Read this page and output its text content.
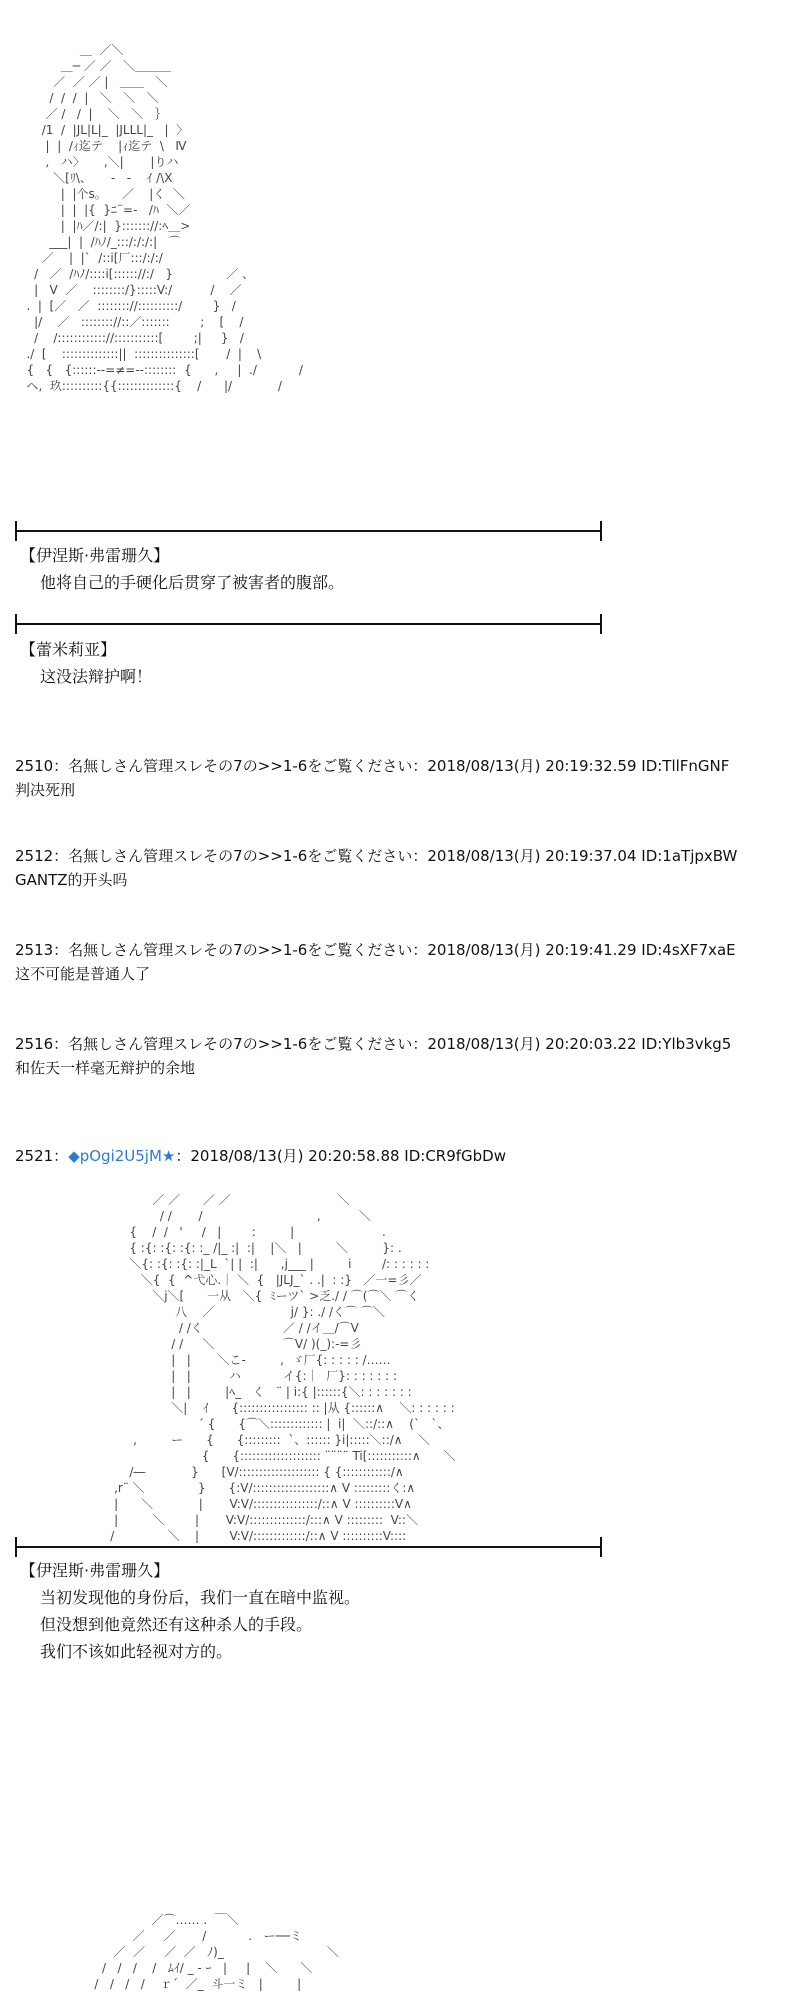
＿  ／＼
＿─ ／ ／   ＼＿＿＿
／  ／ ／ |   ＿＿   ＼
/  /  /  |   ＼   ＼   ＼
／ /   /  |    ＼   ＼   ｝
/1  /  |JL|L|_  |JLLL|_   |  〉
|  |  /ｨ迄テ    |ｨ迄テ  \   Ⅳ
,   ハ〉     ,＼|       |りハ
＼[ﾘ\、     -   -    ｲ /\X
|  |个s。    ／    |く  ＼
|  |  |{  }ﾆ¨=-   /ﾊ  ＼／
|  |ﾊ／/:|  }::::::://:ﾍ＿>
___|  |  /ﾊﾉ/_:::/:/:/:|   ⌒
／    |  |`  /::i[厂:::/:/:/
/   ／  /ﾊﾉ/::::i[:::::://:/   }              ／ 、
|   V  ／    ::::::::/}:::::V:/          /    ／
.  |  [／   ／  :::::::://::::::::::/        }   /
|/    ／   :::::::://::／:::::::        ;    [    /
/    /:::::::::::://:::::::::::[        ;|     }   /
./  [    ::::::::::::::||  :::::::::::::::[       /  |    \
{   {   {::::::--=≠=--::::::::  {      ,     |  ./           /
ヘ,  玖::::::::::{{::::::::::::::{    /      |/            /
【伊涅斯·弗雷珊久】
他将自己的手硬化后贯穿了被害者的腹部。
【蕾米莉亚】
这没法辩护啊！
2510：名無しさん管理スレその7の>>1-6をご覧ください：2018/08/13(月) 20:19:32.59 ID:TllFnGNF
判决死刑
2512：名無しさん管理スレその7の>>1-6をご覧ください：2018/08/13(月) 20:19:37.04 ID:1aTjpxBW
GANTZ的开头吗
2513：名無しさん管理スレその7の>>1-6をご覧ください：2018/08/13(月) 20:19:41.29 ID:4sXF7xaE
这不可能是普通人了
2516：名無しさん管理スレその7の>>1-6をご覧ください：2018/08/13(月) 20:20:03.22 ID:Ylb3vkg5
和佐天一样毫无辩护的余地
2521：◆pOgi2U5jM★：2018/08/13(月) 20:20:58.88 ID:CR9fGbDw
／ ／      ／ ／                            ＼
/ /       /                              ,          ＼
{    /  /   '     /   |        :         |                       .
{ :{: :{: :{: :_ /|_ :|  :|    |＼   |         ＼         }: .
＼{: :{: :{: :|_L  `| |  :|      ,j___ |         i        /: : : : : :
＼{  {  ^弋心.｜ ＼  {   |JLJ_` . .|  : :}   ／一=彡／
＼j＼[      一从   ＼{  ﾐーツ` >乏./ / ⌒(⌒＼ ⌒く
八    ／                    j/ }: ./ /く⌒ ⌒＼
/ /く                     ／ / /イ＿/⌒V
/ /     ＼                  ⌒V/ )(_):-=彡
|   |       ＼こ-         ,  ゞ厂{: : : : : /……
|   |          ハ           イ{:｜  厂}: : : : : : :
|   |         |ﾍ_   く   ¨ | i:{ |::::::{＼: : : : : : :
＼|    ｲ      {::::::::::::::::: :: |从 {::::::∧    ＼: : : : : :
´ {      {⌒＼::::::::::::: |  i|  ＼::/::∧    (`   `、
,         ー      {      {:::::::::  `、:::::: }i|:::::＼::/∧    ＼
{      {:::::::::::::::::::: ¨¨¨¨ Ti[:::::::::::∧      ＼
/―            }      [V/:::::::::::::::::::: { {::::::::::::/∧
,r¨ ＼              }      {:V/:::::::::::::::::::∧ V :::::::::く:∧
|      ＼            |       V:V/::::::::::::::::/::∧ V ::::::::::V∧
|         ＼        |       V:V/::::::::::::::/:::∧ V :::::::::  V::＼
/              ＼    |        V:V/:::::::::::::/::∧ V ::::::::::V::::
【伊涅斯·弗雷珊久】
当初发现他的身份后，我们一直在暗中监视。
但没想到他竟然还有这种杀人的手段。
我们不该如此轻视对方的。
／⌒…… .  ￣＼
／     ／       /           .   ー──ミ
／  ／     ／  ／   ﾉ)_                           ＼
/   /   /    /   ﾑｲ/ _ ‐ ｰ   |     |    ＼      ＼
/   /   /   /    ｒ´  ／_  斗一ミ   |         |
